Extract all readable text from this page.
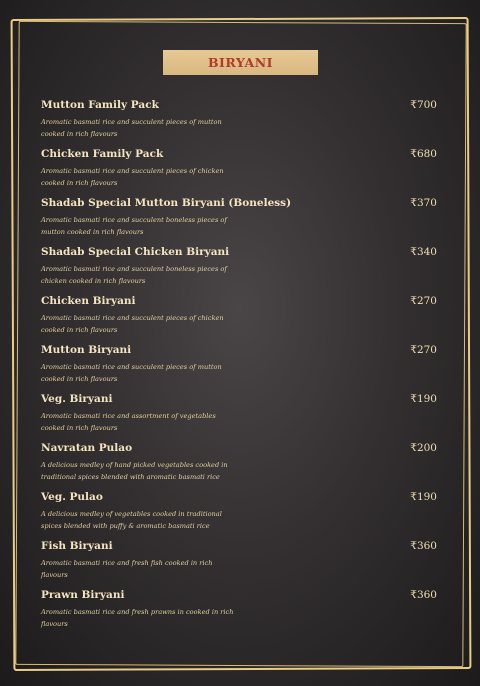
BIRYANI
Mutton Family Pack	₹700
Aromatic basmati rice and succulent pieces of mutton cooked in rich flavours
Chicken Family Pack	₹680
Aromatic basmati rice and succulent pieces of chicken cooked in rich flavours
Shadab Special Mutton Biryani (Boneless)	₹370
Aromatic basmati rice and succulent boneless pieces of mutton cooked in rich flavours
Shadab Special Chicken Biryani	₹340
Aromatic basmati rice and succulent boneless pieces of chicken cooked in rich flavours
Chicken Biryani	₹270
Aromatic basmati rice and succulent pieces of chicken cooked in rich flavours
Mutton Biryani	₹270
Aromatic basmati rice and succulent pieces of mutton cooked in rich flavours
Veg. Biryani	₹190
Aromatic basmati rice and assortment of vegetables cooked in rich flavours
Navratan Pulao	₹200
A delicious medley of hand picked vegetables cooked in traditional spices blended with aromatic basmati rice
Veg. Pulao	₹190
A delicious medley of vegetables cooked in traditional spices blended with puffy & aromatic basmati rice
Fish Biryani	₹360
Aromatic basmati rice and fresh fish cooked in rich flavours
Prawn Biryani	₹360
Aromatic basmati rice and fresh prawns in cooked in rich flavours
